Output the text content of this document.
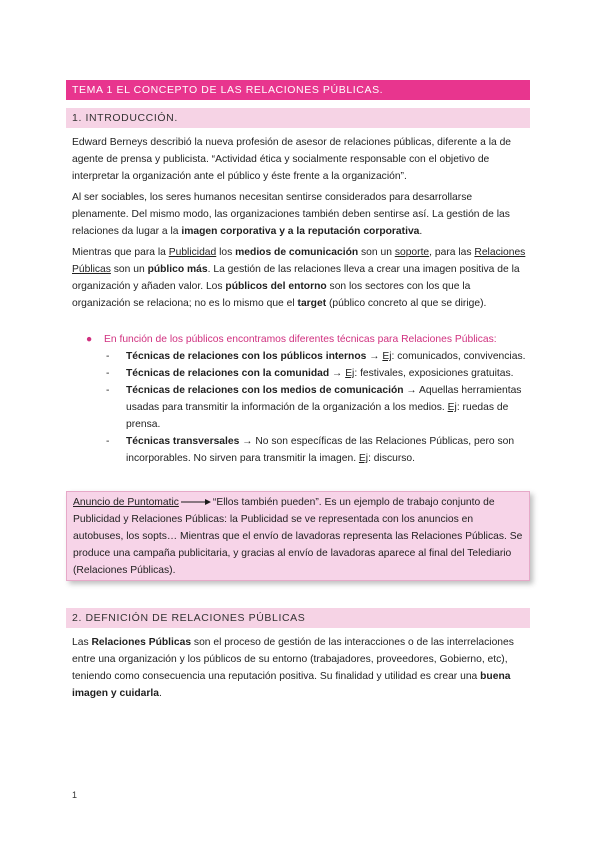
TEMA 1 EL CONCEPTO DE LAS RELACIONES PÚBLICAS.
1. INTRODUCCIÓN.

Edward Berneys describió la nueva profesión de asesor de relaciones públicas, diferente a la de agente de prensa y publicista. “Actividad ética y socialmente responsable con el objetivo de interpretar la organización ante el público y éste frente a la organización”.

Al ser sociables, los seres humanos necesitan sentirse considerados para desarrollarse plenamente. Del mismo modo, las organizaciones también deben sentirse así. La gestión de las relaciones da lugar a la imagen corporativa y a la reputación corporativa.

Mientras que para la Publicidad los medios de comunicación son un soporte, para las Relaciones Públicas son un público más. La gestión de las relaciones lleva a crear una imagen positiva de la organización y añaden valor. Los públicos del entorno son los sectores con los que la organización se relaciona; no es lo mismo que el target (público concreto al que se dirige).

● En función de los públicos encontramos diferentes técnicas para Relaciones Públicas:
- Técnicas de relaciones con los públicos internos → Ej: comunicados, convivencias.
- Técnicas de relaciones con la comunidad → Ej: festivales, exposiciones gratuitas.
- Técnicas de relaciones con los medios de comunicación → Aquellas herramientas usadas para transmitir la información de la organización a los medios. Ej: ruedas de prensa.
- Técnicas transversales → No son específicas de las Relaciones Públicas, pero son incorporables. No sirven para transmitir la imagen. Ej: discurso.
Anuncio de Puntomatic	“Ellos también pueden”. Es un ejemplo de trabajo conjunto de Publicidad y Relaciones Públicas: la Publicidad se ve representada con los anuncios en autobuses, los sopts… Mientras que el envío de lavadoras representa las Relaciones Públicas. Se produce una campaña publicitaria, y gracias al envío de lavadoras aparece al final del Telediario (Relaciones Públicas).
2. DEFNICIÓN DE RELACIONES PÚBLICAS

Las Relaciones Públicas son el proceso de gestión de las interacciones o de las interrelaciones entre una organización y los públicos de su entorno (trabajadores, proveedores, Gobierno, etc), teniendo como consecuencia una reputación positiva. Su finalidad y utilidad es crear una buena imagen y cuidarla.

1
